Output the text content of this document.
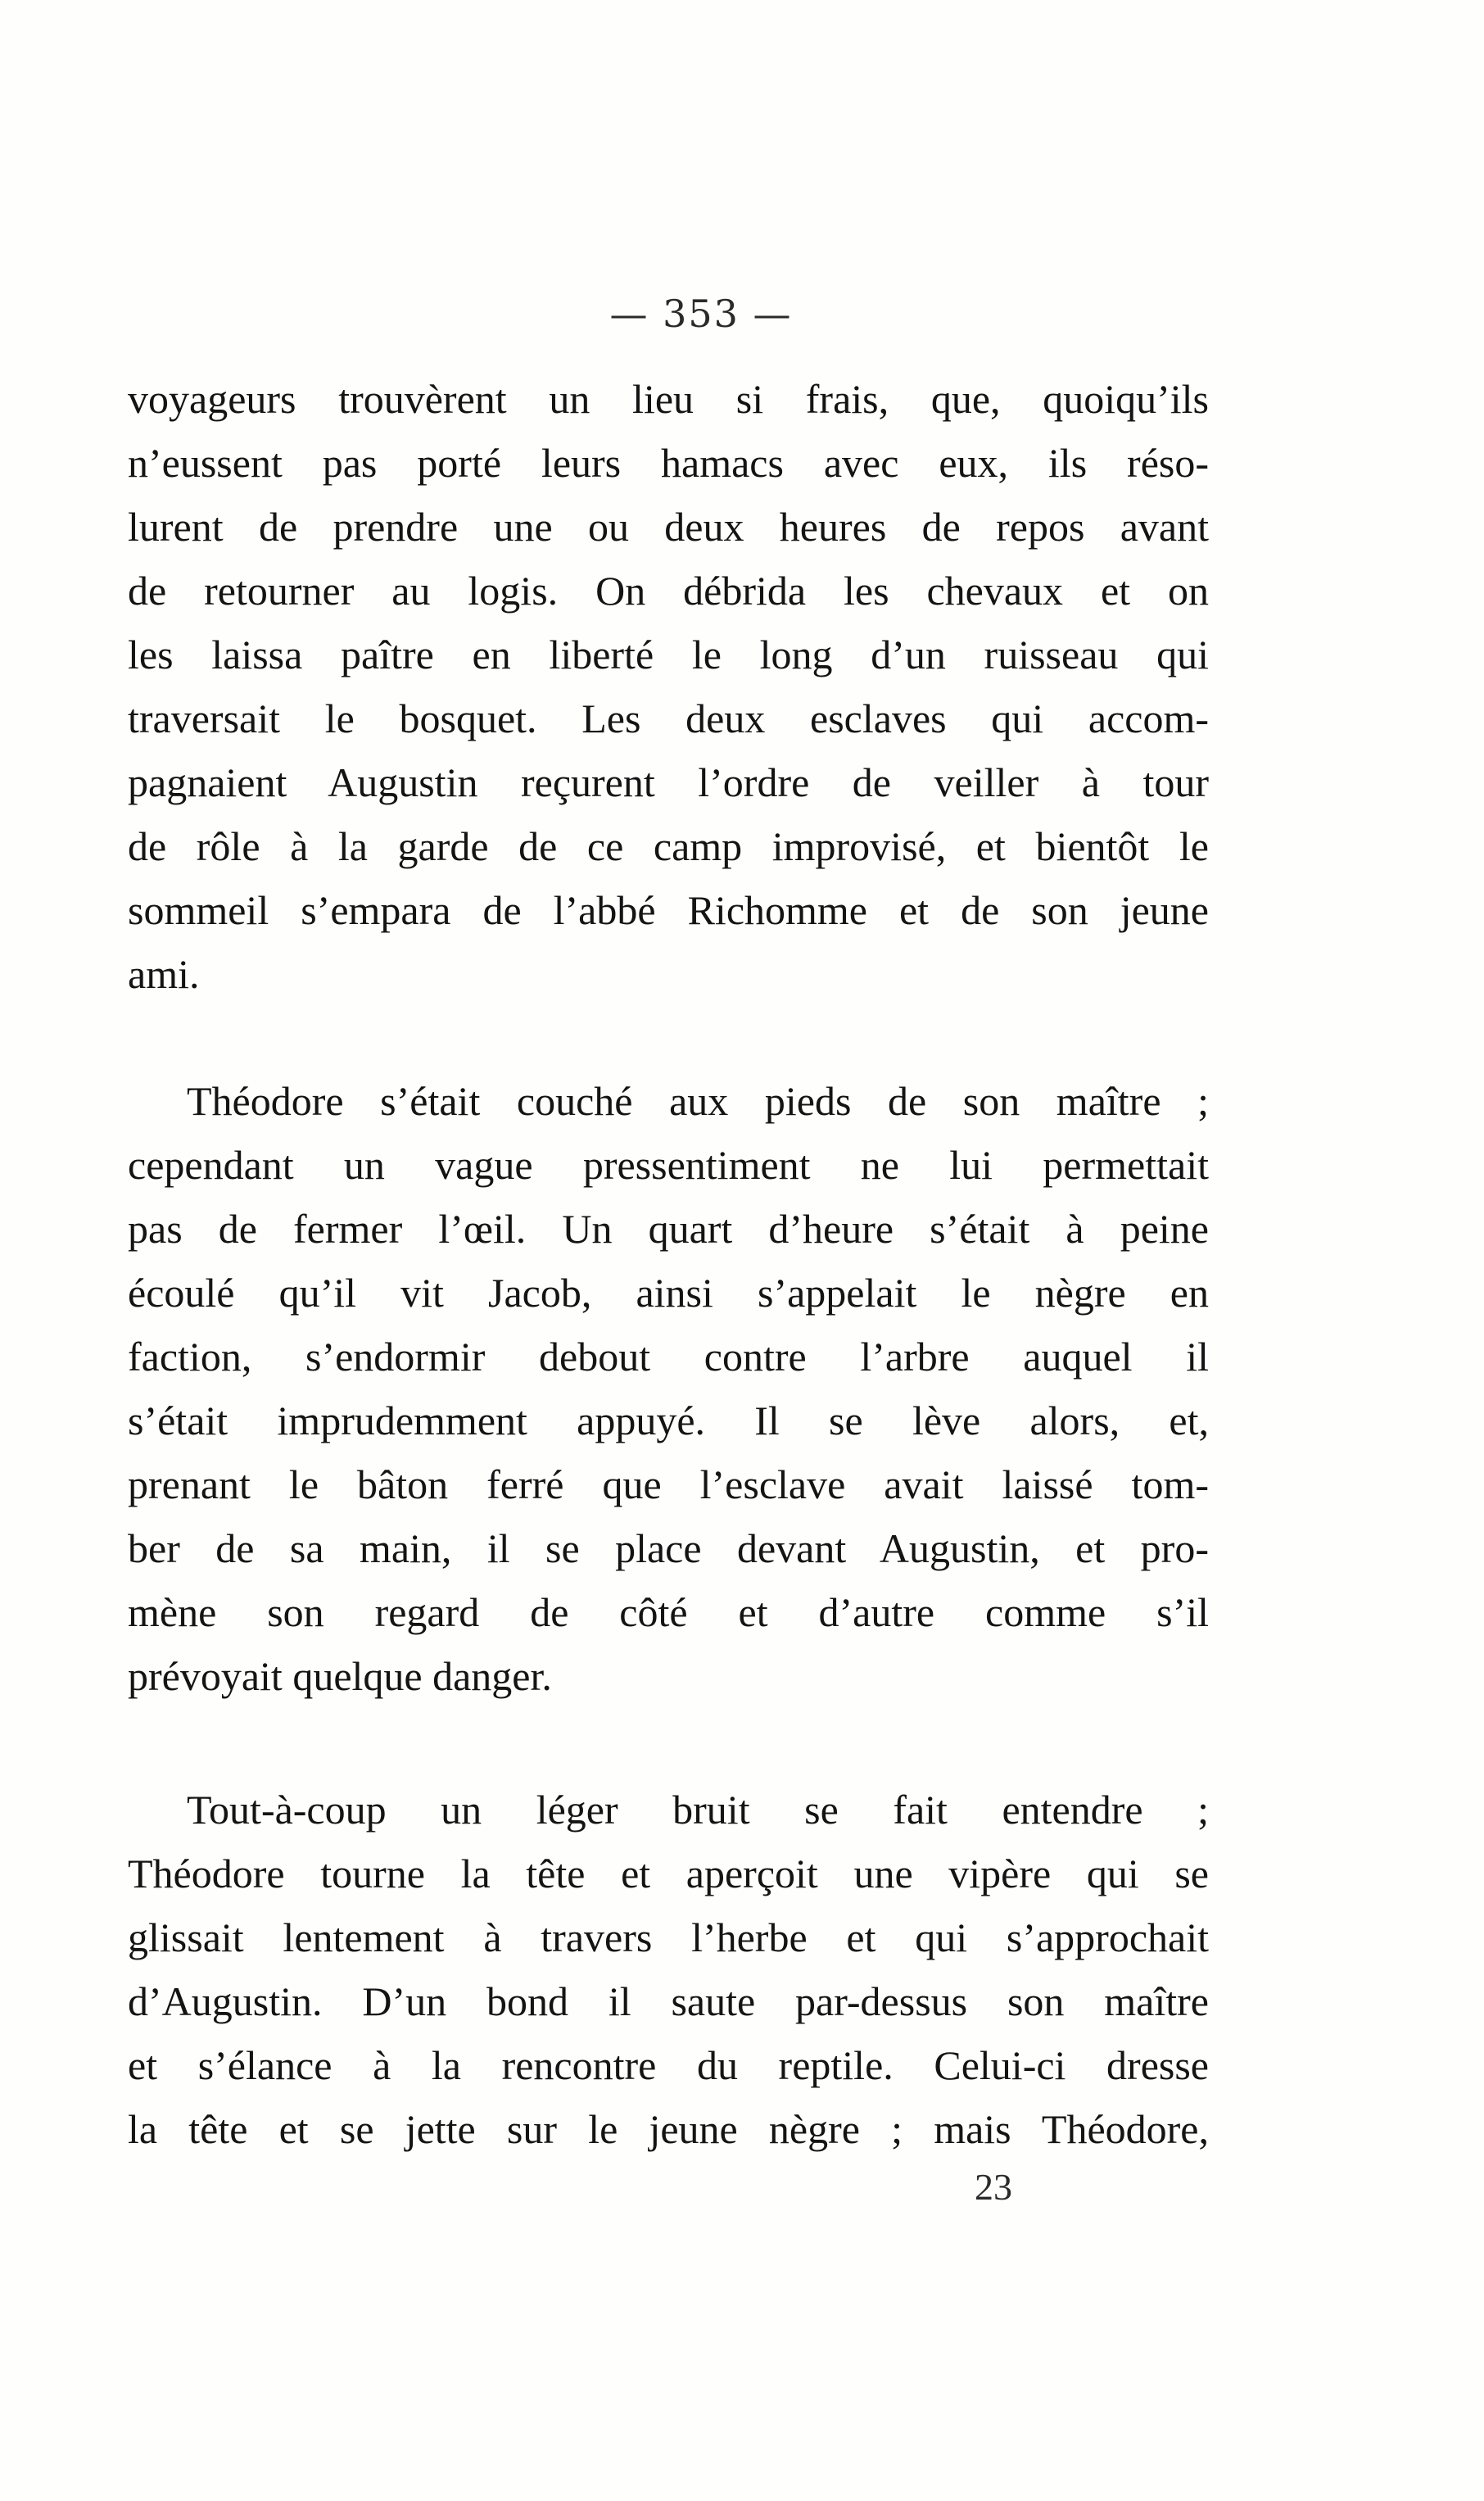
— 353 —
voyageurs trouvèrent un lieu si frais, que, quoiqu’ils
n’eussent pas porté leurs hamacs avec eux, ils réso-
lurent de prendre une ou deux heures de repos avant
de retourner au logis. On débrida les chevaux et on
les laissa paître en liberté le long d’un ruisseau qui
traversait le bosquet. Les deux esclaves qui accom-
pagnaient Augustin reçurent l’ordre de veiller à tour
de rôle à la garde de ce camp improvisé, et bientôt le
sommeil s’empara de l’abbé Richomme et de son jeune
ami.
Théodore s’était couché aux pieds de son maître ;
cependant un vague pressentiment ne lui permettait
pas de fermer l’œil. Un quart d’heure s’était à peine
écoulé qu’il vit Jacob, ainsi s’appelait le nègre en
faction, s’endormir debout contre l’arbre auquel il
s’était imprudemment appuyé. Il se lève alors, et,
prenant le bâton ferré que l’esclave avait laissé tom-
ber de sa main, il se place devant Augustin, et pro-
mène son regard de côté et d’autre comme s’il
prévoyait quelque danger.
Tout-à-coup un léger bruit se fait entendre ;
Théodore tourne la tête et aperçoit une vipère qui se
glissait lentement à travers l’herbe et qui s’approchait
d’Augustin. D’un bond il saute par-dessus son maître
et s’élance à la rencontre du reptile. Celui-ci dresse
la tête et se jette sur le jeune nègre ; mais Théodore,
23
